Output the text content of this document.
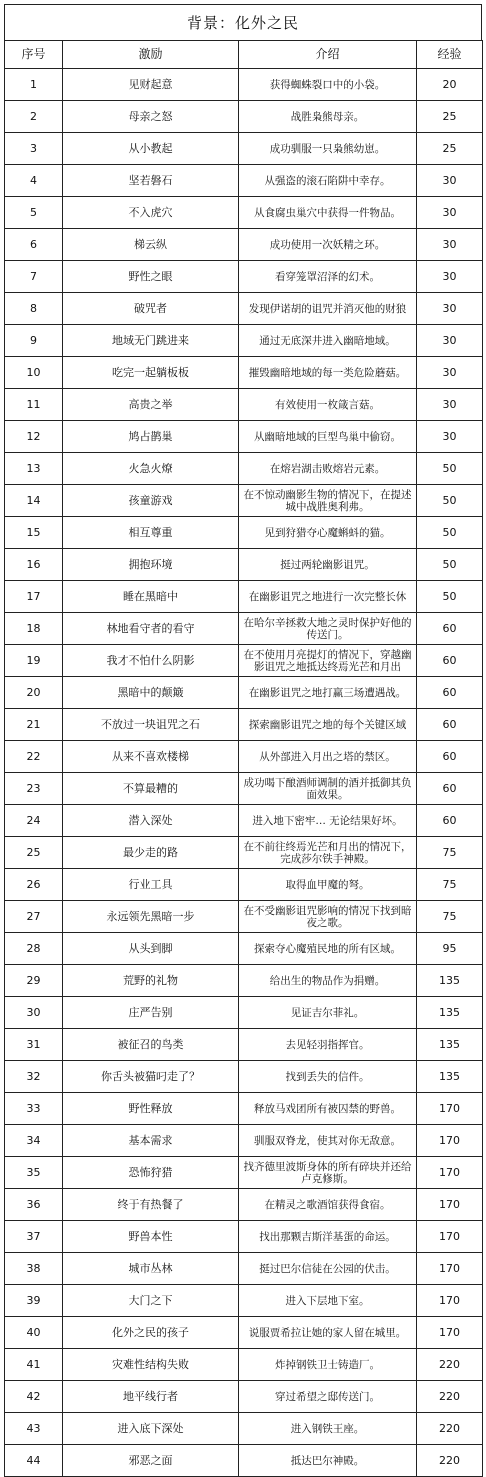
背景：化外之民
序号	激励	介绍	经验
1	见财起意	获得蜘蛛裂口中的小袋。	20
2	母亲之怒	战胜枭熊母亲。	25
3	从小教起	成功驯服一只枭熊幼崽。	25
4	坚若磐石	从强盗的滚石陷阱中幸存。	30
5	不入虎穴	从食腐虫巢穴中获得一件物品。	30
6	梯云纵	成功使用一次妖精之环。	30
7	野性之眼	看穿笼罩沼泽的幻术。	30
8	破咒者	发现伊诺胡的诅咒并消灭他的财狼	30
9	地域无门跳进来	通过无底深井进入幽暗地域。	30
10	吃完一起躺板板	摧毁幽暗地域的每一类危险蘑菇。	30
11	高贵之举	有效使用一枚箴言菇。	30
12	鸠占鹊巢	从幽暗地域的巨型鸟巢中偷窃。	30
13	火急火燎	在熔岩湖击败熔岩元素。	50
14	孩童游戏	在不惊动幽影生物的情况下，在提述城中战胜奥利弗。	50
15	相互尊重	见到狩猎夺心魔蝌蚪的猫。	50
16	拥抱环境	挺过两轮幽影诅咒。	50
17	睡在黑暗中	在幽影诅咒之地进行一次完整长休	50
18	林地看守者的看守	在哈尔辛拯救大地之灵时保护好他的传送门。	60
19	我才不怕什么阴影	在不使用月亮提灯的情况下，穿越幽影诅咒之地抵达终焉光芒和月出	60
20	黑暗中的颠簸	在幽影诅咒之地打赢三场遭遇战。	60
21	不放过一块诅咒之石	探索幽影诅咒之地的每个关键区域	60
22	从来不喜欢楼梯	从外部进入月出之塔的禁区。	60
23	不算最糟的	成功喝下酿酒师调制的酒并抵御其负面效果。	60
24	潜入深处	进入地下密牢… 无论结果好坏。	60
25	最少走的路	在不前往终焉光芒和月出的情况下，完成莎尔铁手神殿。	75
26	行业工具	取得血甲魔的弩。	75
27	永远领先黑暗一步	在不受幽影诅咒影响的情况下找到暗夜之歌。	75
28	从头到脚	探索夺心魔殖民地的所有区域。	95
29	荒野的礼物	给出生的物品作为捐赠。	135
30	庄严告别	见证吉尔菲礼。	135
31	被征召的鸟类	去见轻羽指挥官。	135
32	你舌头被猫叼走了？	找到丢失的信件。	135
33	野性释放	释放马戏团所有被囚禁的野兽。	170
34	基本需求	驯服双脊龙，使其对你无敌意。	170
35	恐怖狩猎	找齐德里波斯身体的所有碎块并还给卢克修斯。	170
36	终于有热餐了	在精灵之歌酒馆获得食宿。	170
37	野兽本性	找出那颗吉斯洋基蛋的命运。	170
38	城市丛林	挺过巴尔信徒在公园的伏击。	170
39	大门之下	进入下层地下室。	170
40	化外之民的孩子	说服贾希拉让她的家人留在城里。	170
41	灾难性结构失败	炸掉钢铁卫士铸造厂。	220
42	地平线行者	穿过希望之邸传送门。	220
43	进入底下深处	进入钢铁王座。	220
44	邪恶之面	抵达巴尔神殿。	220
